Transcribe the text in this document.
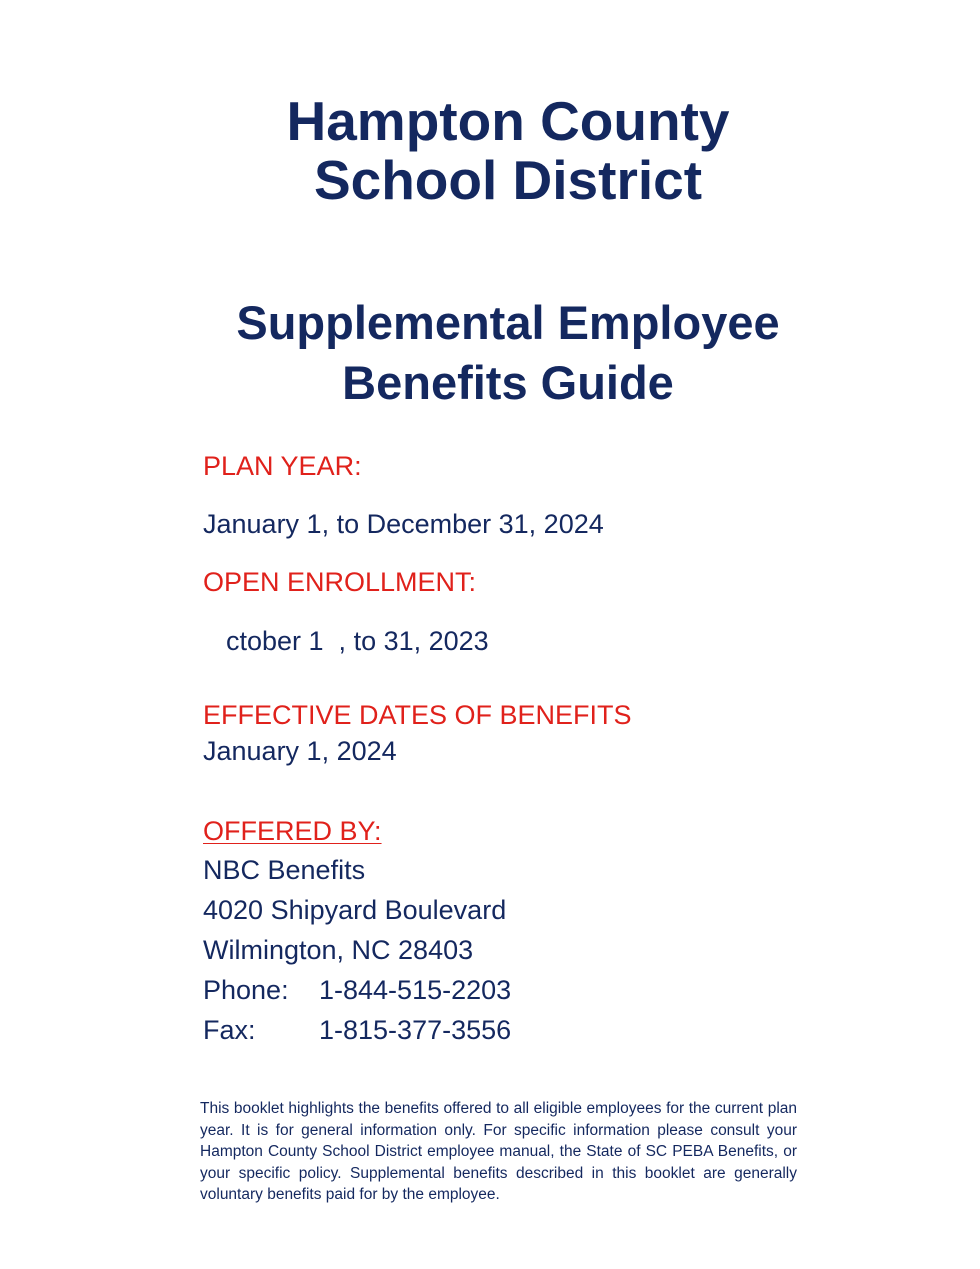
Hampton County
School District
Supplemental Employee
Benefits Guide

PLAN YEAR:

January 1, to December 31, 2024

OPEN ENROLLMENT:

ctober 1  , to 31, 2023

EFFECTIVE DATES OF BENEFITS

January 1, 2024

OFFERED BY:

NBC Benefits

4020 Shipyard Boulevard

Wilmington, NC 28403

Phone:	1-844-515-2203
Fax:	1-815-377-3556

This booklet highlights the benefits offered to all eligible employees for the current plan year. It is for general information only. For specific information please consult your Hampton County School District employee manual, the State of SC PEBA Benefits, or your specific policy. Supplemental benefits described in this booklet are generally voluntary benefits paid for by the employee.
